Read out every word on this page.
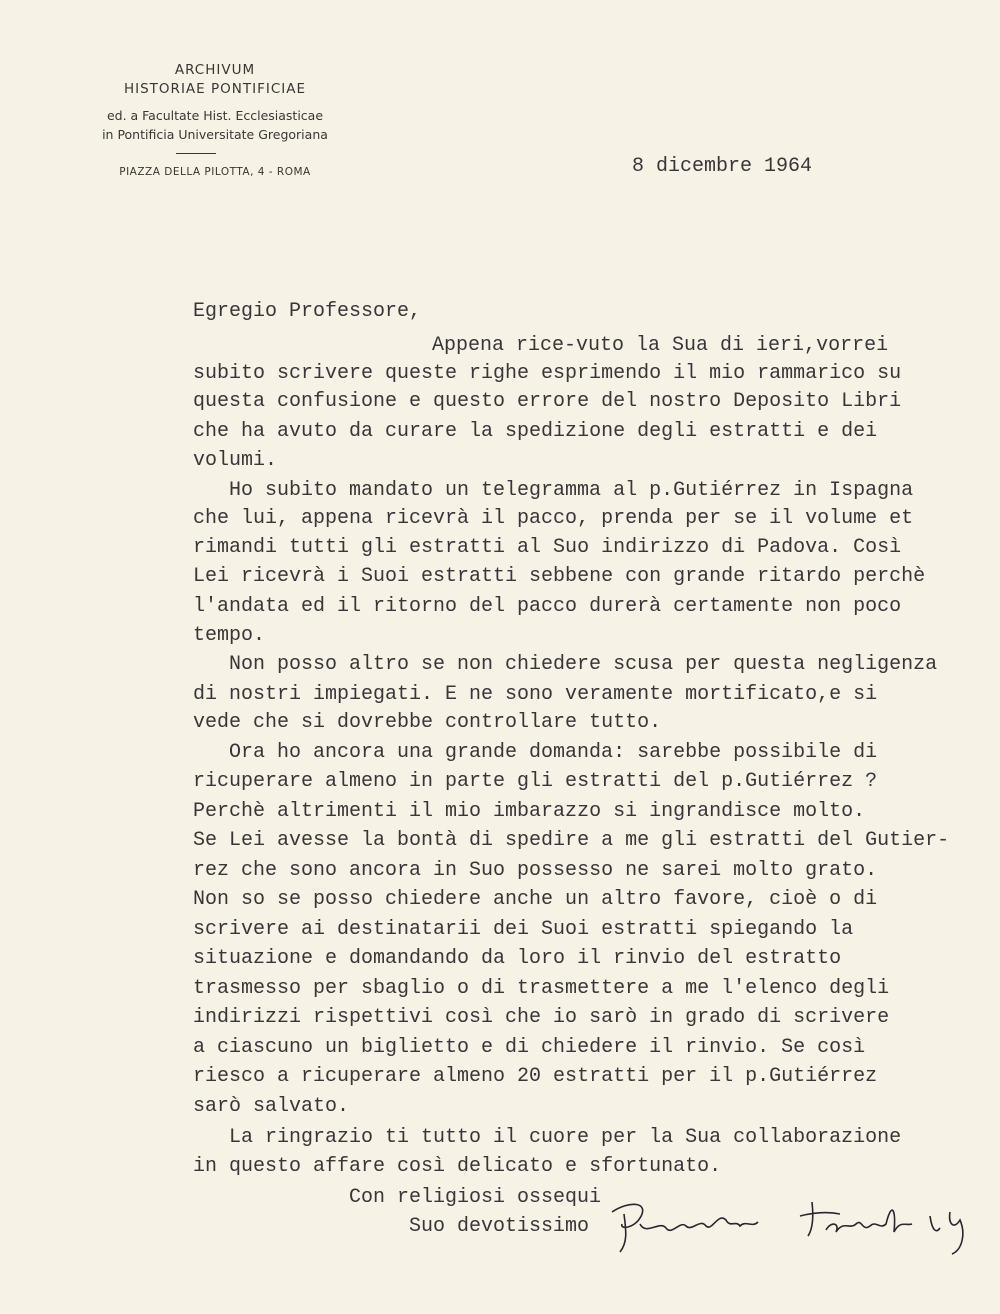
ARCHIVUM
HISTORIAE PONTIFICIAE
ed. a Facultate Hist. Ecclesiasticae
in Pontificia Universitate Gregoriana
PIAZZA DELLA PILOTTA, 4 - ROMA	8 dicembre 1964
Egregio Professore,
Appena rice-vuto la Sua di ieri,vorrei
subito scrivere queste righe esprimendo il mio rammarico su
questa confusione e questo errore del nostro Deposito Libri
che ha avuto da curare la spedizione degli estratti e dei
volumi.
Ho subito mandato un telegramma al p.Gutiérrez in Ispagna
che lui, appena ricevrà il pacco, prenda per se il volume et
rimandi tutti gli estratti al Suo indirizzo di Padova. Così
Lei ricevrà i Suoi estratti sebbene con grande ritardo perchè
l'andata ed il ritorno del pacco durerà certamente non poco
tempo.
Non posso altro se non chiedere scusa per questa negligenza
di nostri impiegati. E ne sono veramente mortificato,e si
vede che si dovrebbe controllare tutto.
Ora ho ancora una grande domanda: sarebbe possibile di
ricuperare almeno in parte gli estratti del p.Gutiérrez ?
Perchè altrimenti il mio imbarazzo si ingrandisce molto.
Se Lei avesse la bontà di spedire a me gli estratti del Gutier-
rez che sono ancora in Suo possesso ne sarei molto grato.
Non so se posso chiedere anche un altro favore, cioè o di
scrivere ai destinatarii dei Suoi estratti spiegando la
situazione e domandando da loro il rinvio del estratto
trasmesso per sbaglio o di trasmettere a me l'elenco degli
indirizzi rispettivi così che io sarò in grado di scrivere
a ciascuno un biglietto e di chiedere il rinvio. Se così
riesco a ricuperare almeno 20 estratti per il p.Gutiérrez
sarò salvato.
La ringrazio ti tutto il cuore per la Sua collaborazione
in questo affare così delicato e sfortunato.
Con religiosi ossequi
Suo devotissimo
